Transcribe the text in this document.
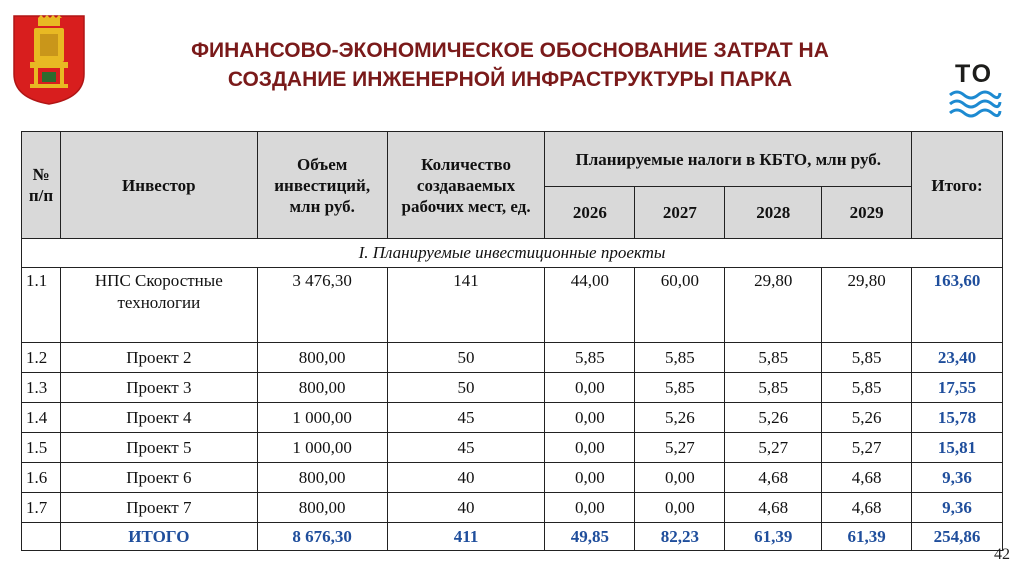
ФИНАНСОВО-ЭКОНОМИЧЕСКОЕ ОБОСНОВАНИЕ ЗАТРАТ НА
СОЗДАНИЕ ИНЖЕНЕРНОЙ ИНФРАСТРУКТУРЫ ПАРКА	ТО
№ п/п	Инвестор	Объем инвестиций, млн руб.	Количество создаваемых рабочих мест, ед.	Планируемые налоги в КБТО, млн руб.				Итого:
				2026	2027	2028	2029	
I. Планируемые инвестиционные проекты								
1.1	НПС Скоростные технологии	3 476,30	141	44,00	60,00	29,80	29,80	163,60
1.2	Проект 2	800,00	50	5,85	5,85	5,85	5,85	23,40
1.3	Проект 3	800,00	50	0,00	5,85	5,85	5,85	17,55
1.4	Проект 4	1 000,00	45	0,00	5,26	5,26	5,26	15,78
1.5	Проект 5	1 000,00	45	0,00	5,27	5,27	5,27	15,81
1.6	Проект 6	800,00	40	0,00	0,00	4,68	4,68	9,36
1.7	Проект 7	800,00	40	0,00	0,00	4,68	4,68	9,36
	ИТОГО	8 676,30	411	49,85	82,23	61,39	61,39	254,86
42
